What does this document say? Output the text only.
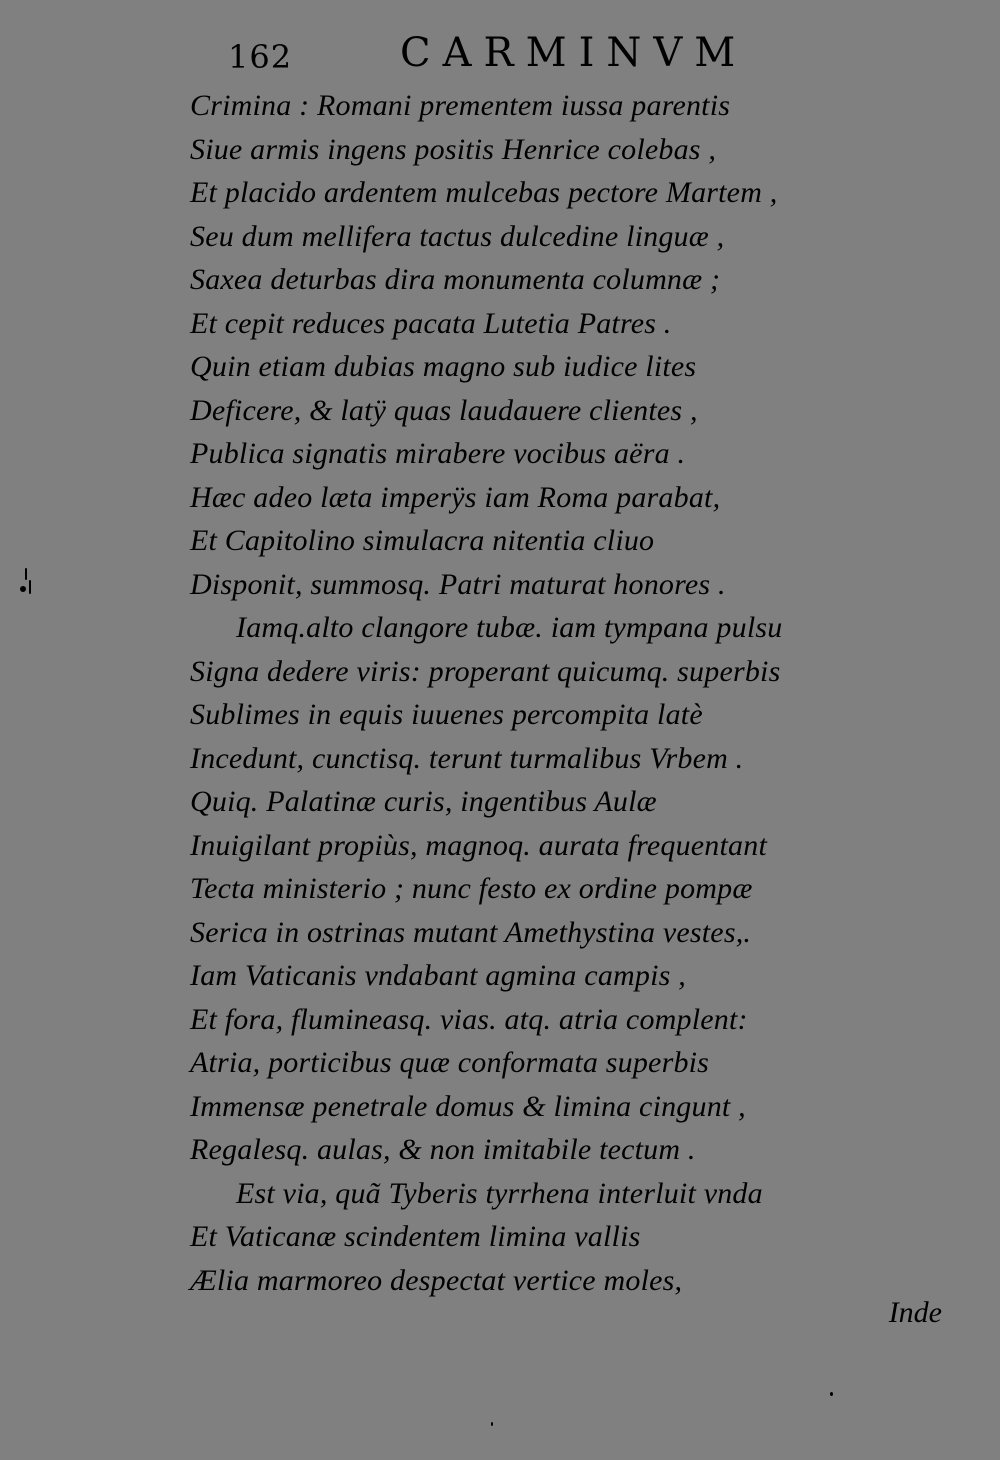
162	CARMINVM
Crimina : Romani prementem iussa parentis
Siue armis ingens positis Henrice colebas ,
Et placido ardentem mulcebas pectore Martem ,
Seu dum mellifera tactus dulcedine linguæ ,
Saxea deturbas dira monumenta columnæ ;
Et cepit reduces pacata Lutetia Patres .
Quin etiam dubias magno sub iudice lites
Deficere, & latÿ quas laudauere clientes ,
Publica signatis mirabere vocibus aëra .
Hæc adeo læta imperÿs iam Roma parabat,
Et Capitolino simulacra nitentia cliuo
Disponit, summosq. Patri maturat honores .
Iamq.alto clangore tubæ. iam tympana pulsu
Signa dedere viris: properant quicumq. superbis
Sublimes in equis iuuenes percompita latè
Incedunt, cunctisq. terunt turmalibus Vrbem .
Quiq. Palatinæ curis, ingentibus Aulæ
Inuigilant propiùs, magnoq. aurata frequentant
Tecta ministerio ; nunc festo ex ordine pompæ
Serica in ostrinas mutant Amethystina vestes,.
Iam Vaticanis vndabant agmina campis ,
Et fora, flumineasq. vias. atq. atria complent:
Atria, porticibus quæ conformata superbis
Immensæ penetrale domus & limina cingunt ,
Regalesq. aulas, & non imitabile tectum .
Est via, quã Tyberis tyrrhena interluit vnda
Et Vaticanæ scindentem limina vallis
Ælia marmoreo despectat vertice moles,
Inde
